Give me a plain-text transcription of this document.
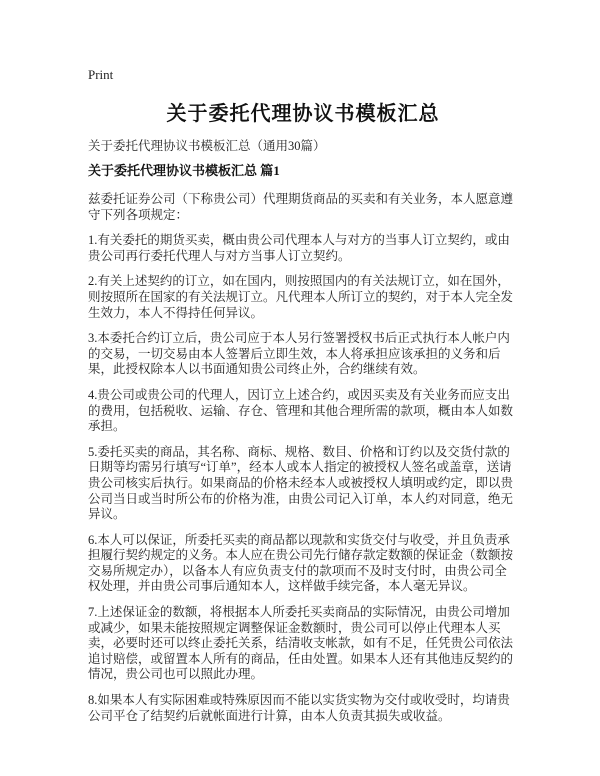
Print
关于委托代理协议书模板汇总

关于委托代理协议书模板汇总（通用30篇）

关于委托代理协议书模板汇总 篇1

兹委托证券公司（下称贵公司）代理期货商品的买卖和有关业务，本人愿意遵守下列各项规定：

1.有关委托的期货买卖，概由贵公司代理本人与对方的当事人订立契约，或由贵公司再行委托代理人与对方当事人订立契约。

2.有关上述契约的订立，如在国内，则按照国内的有关法规订立，如在国外，则按照所在国家的有关法规订立。凡代理本人所订立的契约，对于本人完全发生效力，本人不得持任何异议。

3.本委托合约订立后，贵公司应于本人另行签署授权书后正式执行本人帐户内的交易，一切交易由本人签署后立即生效，本人将承担应该承担的义务和后果，此授权除本人以书面通知贵公司终止外，合约继续有效。

4.贵公司或贵公司的代理人，因订立上述合约，或因买卖及有关业务而应支出的费用，包括税收、运输、存仓、管理和其他合理所需的款项，概由本人如数承担。

5.委托买卖的商品，其名称、商标、规格、数目、价格和订约以及交货付款的日期等均需另行填写“订单”，经本人或本人指定的被授权人签名或盖章，送请贵公司核实后执行。如果商品的价格未经本人或被授权人填明或约定，即以贵公司当日或当时所公布的价格为准，由贵公司记入订单，本人约对同意，绝无异议。

6.本人可以保证，所委托买卖的商品都以现款和实货交付与收受，并且负责承担履行契约规定的义务。本人应在贵公司先行储存款定数额的保证金（数额按交易所规定办），以备本人有应负责支付的款项而不及时支付时，由贵公司全权处理，并由贵公司事后通知本人，这样做手续完备，本人毫无异议。

7.上述保证金的数额，将根据本人所委托买卖商品的实际情况，由贵公司增加或减少，如果未能按照规定调整保证金数额时，贵公司可以停止代理本人买卖，必要时还可以终止委托关系，结清收支帐款，如有不足，任凭贵公司依法追讨赔偿，或留置本人所有的商品，任由处置。如果本人还有其他违反契约的情况，贵公司也可以照此办理。

8.如果本人有实际困难或特殊原因而不能以实货实物为交付或收受时，均请贵公司平仓了结契约后就帐面进行计算，由本人负责其损失或收益。
